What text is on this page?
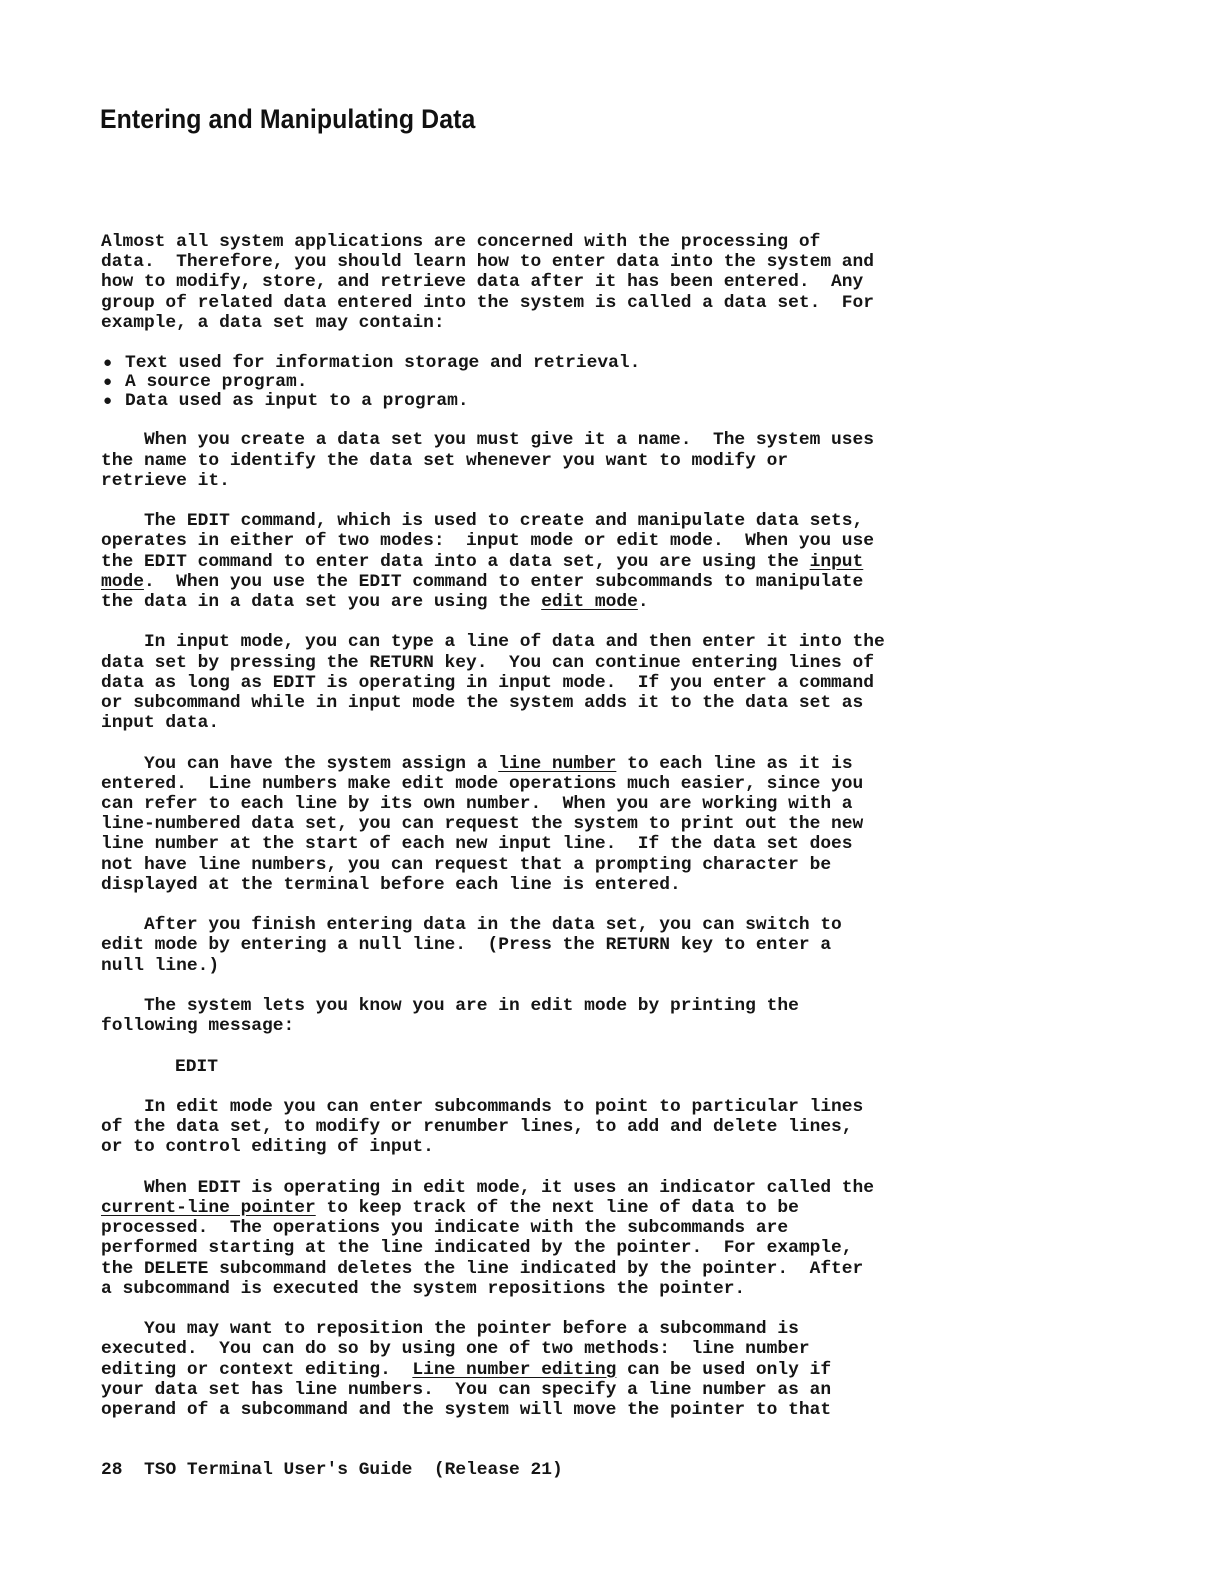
Entering and Manipulating Data

Almost all system applications are concerned with the processing of
data.  Therefore, you should learn how to enter data into the system and
how to modify, store, and retrieve data after it has been entered.  Any
group of related data entered into the system is called a data set.  For
example, a data set may contain:

● Text used for information storage and retrieval.
● A source program.
● Data used as input to a program.

When you create a data set you must give it a name.  The system uses
the name to identify the data set whenever you want to modify or
retrieve it.

The EDIT command, which is used to create and manipulate data sets,
operates in either of two modes:  input mode or edit mode.  When you use
the EDIT command to enter data into a data set, you are using the input
mode.  When you use the EDIT command to enter subcommands to manipulate
the data in a data set you are using the edit mode.

In input mode, you can type a line of data and then enter it into the
data set by pressing the RETURN key.  You can continue entering lines of
data as long as EDIT is operating in input mode.  If you enter a command
or subcommand while in input mode the system adds it to the data set as
input data.

You can have the system assign a line number to each line as it is
entered.  Line numbers make edit mode operations much easier, since you
can refer to each line by its own number.  When you are working with a
line-numbered data set, you can request the system to print out the new
line number at the start of each new input line.  If the data set does
not have line numbers, you can request that a prompting character be
displayed at the terminal before each line is entered.

After you finish entering data in the data set, you can switch to
edit mode by entering a null line.  (Press the RETURN key to enter a
null line.)

The system lets you know you are in edit mode by printing the
following message:

EDIT

In edit mode you can enter subcommands to point to particular lines
of the data set, to modify or renumber lines, to add and delete lines,
or to control editing of input.

When EDIT is operating in edit mode, it uses an indicator called the
current-line pointer to keep track of the next line of data to be
processed.  The operations you indicate with the subcommands are
performed starting at the line indicated by the pointer.  For example,
the DELETE subcommand deletes the line indicated by the pointer.  After
a subcommand is executed the system repositions the pointer.

You may want to reposition the pointer before a subcommand is
executed.  You can do so by using one of two methods:  line number
editing or context editing.  Line number editing can be used only if
your data set has line numbers.  You can specify a line number as an
operand of a subcommand and the system will move the pointer to that

28 TSO Terminal User's Guide (Release 21)
